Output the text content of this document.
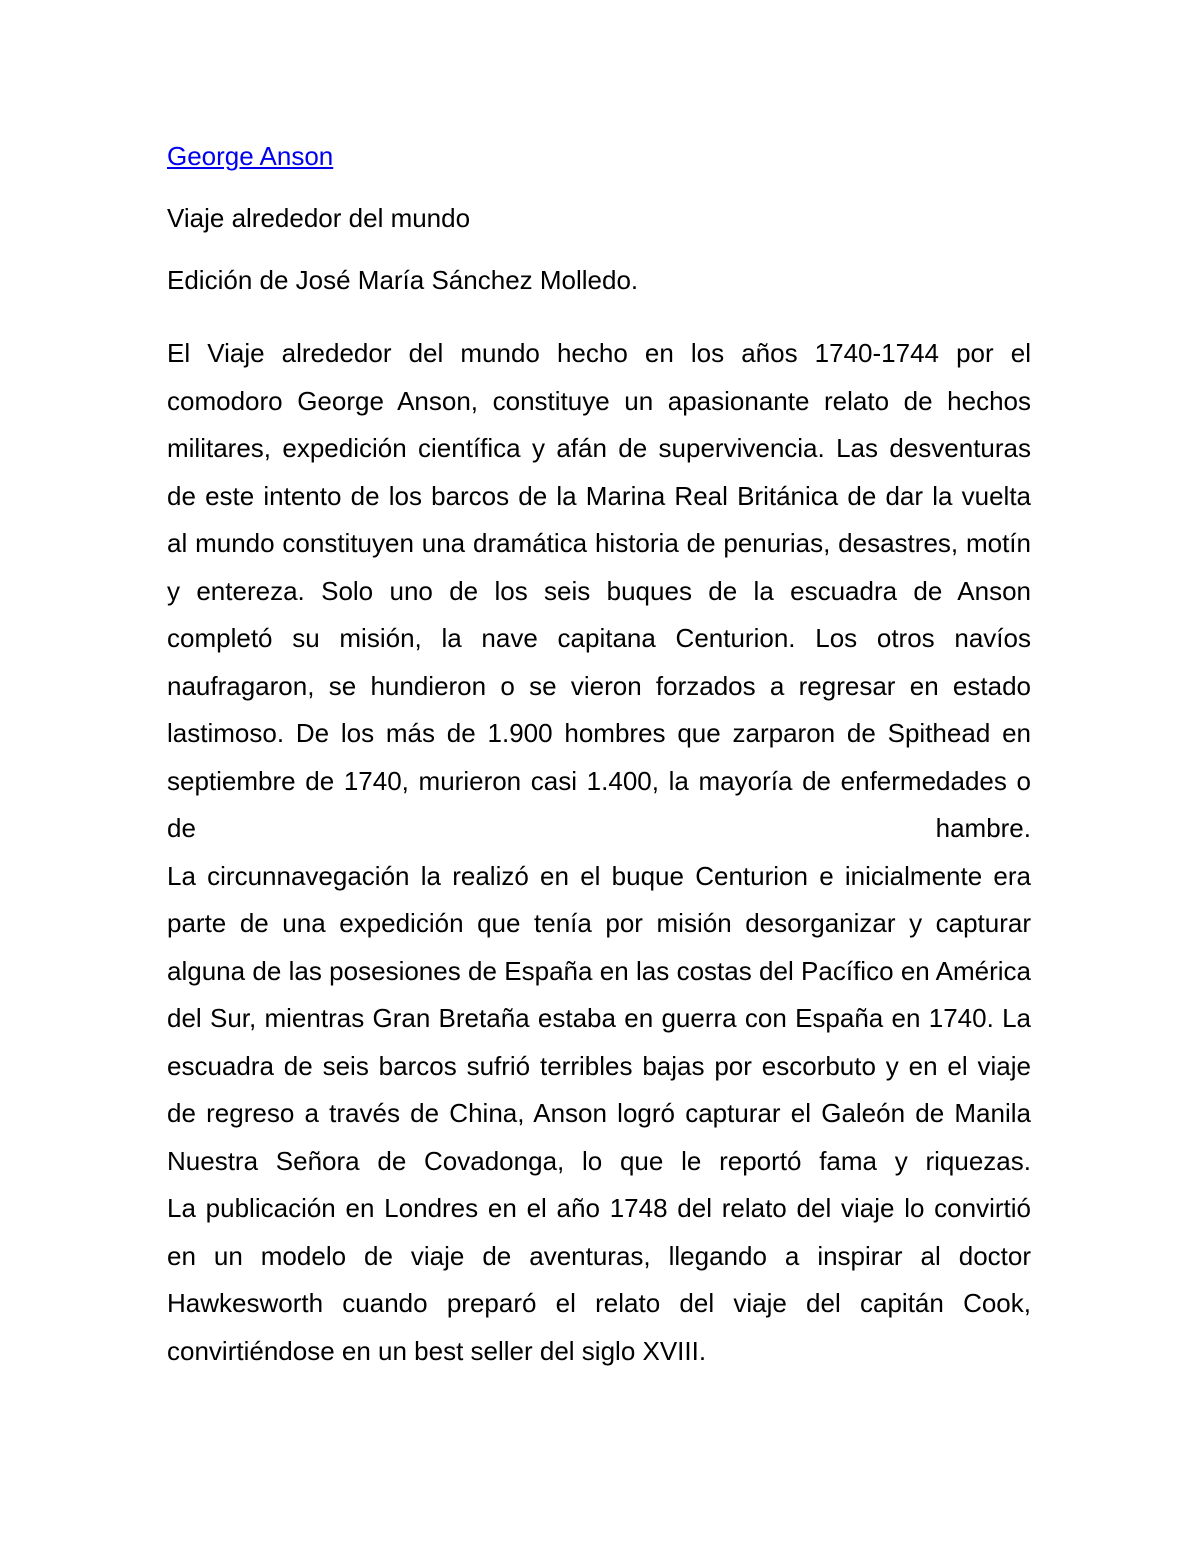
George Anson
Viaje alrededor del mundo
Edición de José María Sánchez Molledo.
El Viaje alrededor del mundo hecho en los años 1740-1744 por el comodoro George Anson, constituye un apasionante relato de hechos militares, expedición científica y afán de supervivencia. Las desventuras de este intento de los barcos de la Marina Real Británica de dar la vuelta al mundo constituyen una dramática historia de penurias, desastres, motín y entereza. Solo uno de los seis buques de la escuadra de Anson completó su misión, la nave capitana Centurion. Los otros navíos naufragaron, se hundieron o se vieron forzados a regresar en estado lastimoso. De los más de 1.900 hombres que zarparon de Spithead en septiembre de 1740, murieron casi 1.400, la mayoría de enfermedades o de hambre.
La circunnavegación la realizó en el buque Centurion e inicialmente era parte de una expedición que tenía por misión desorganizar y capturar alguna de las posesiones de España en las costas del Pacífico en América del Sur, mientras Gran Bretaña estaba en guerra con España en 1740. La escuadra de seis barcos sufrió terribles bajas por escorbuto y en el viaje de regreso a través de China, Anson logró capturar el Galeón de Manila Nuestra Señora de Covadonga, lo que le reportó fama y riquezas.
La publicación en Londres en el año 1748 del relato del viaje lo convirtió en un modelo de viaje de aventuras, llegando a inspirar al doctor Hawkesworth cuando preparó el relato del viaje del capitán Cook, convirtiéndose en un best seller del siglo XVIII.
